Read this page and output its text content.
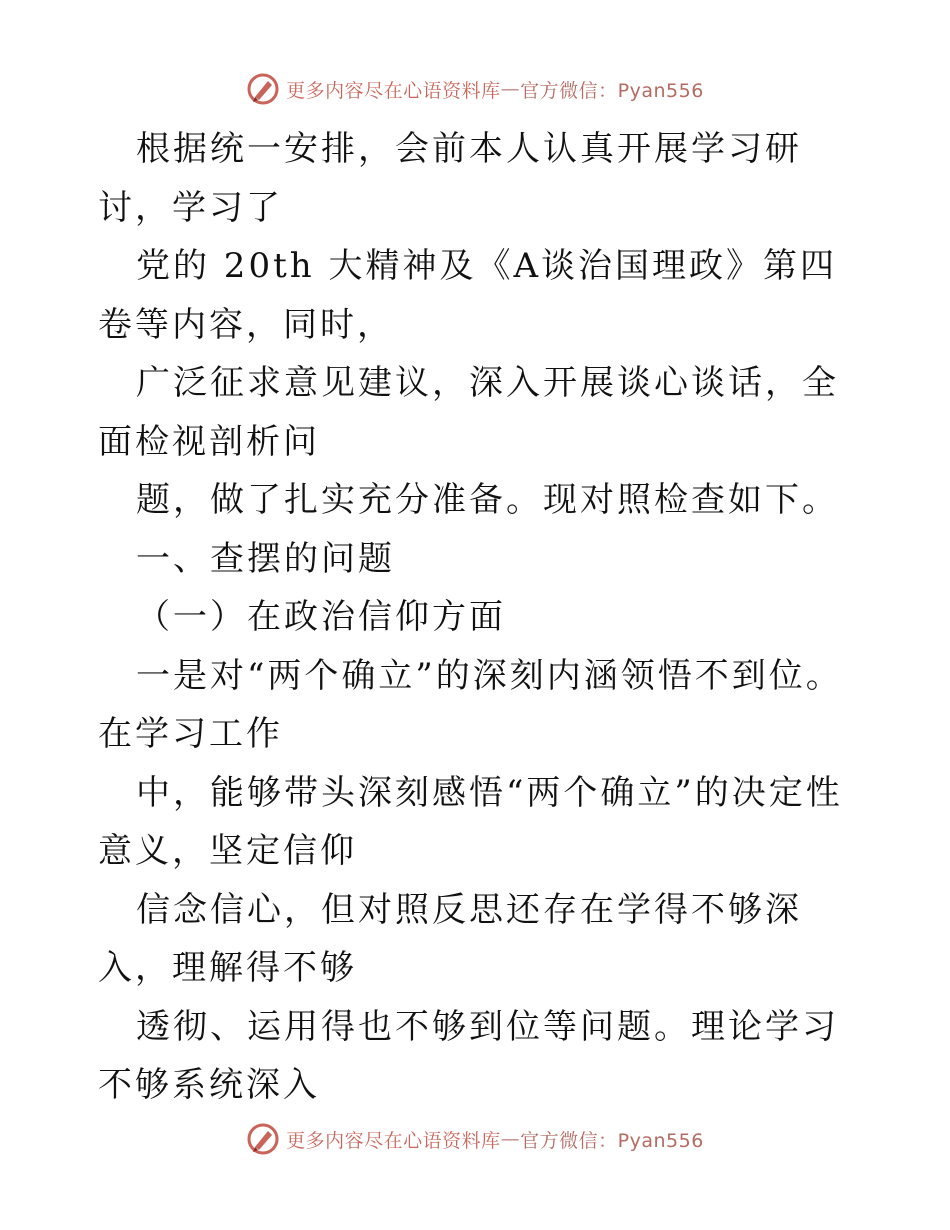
更多内容尽在心语资料库 — 官方微信：Pyan556

根据统一安排，会前本人认真开展学习研讨，学习了

党的 20th 大精神及《A谈治国理政》第四卷等内容，同时，

广泛征求意见建议，深入开展谈心谈话，全面检视剖析问

题，做了扎实充分准备。现对照检查如下。

一、查摆的问题

（一）在政治信仰方面

一是对“两个确立”的深刻内涵领悟不到位。在学习工作

中，能够带头深刻感悟“两个确立”的决定性意义，坚定信仰

信念信心，但对照反思还存在学得不够深入，理解得不够

透彻、运用得也不够到位等问题。理论学习不够系统深入

更多内容尽在心语资料库 — 官方微信：Pyan556
